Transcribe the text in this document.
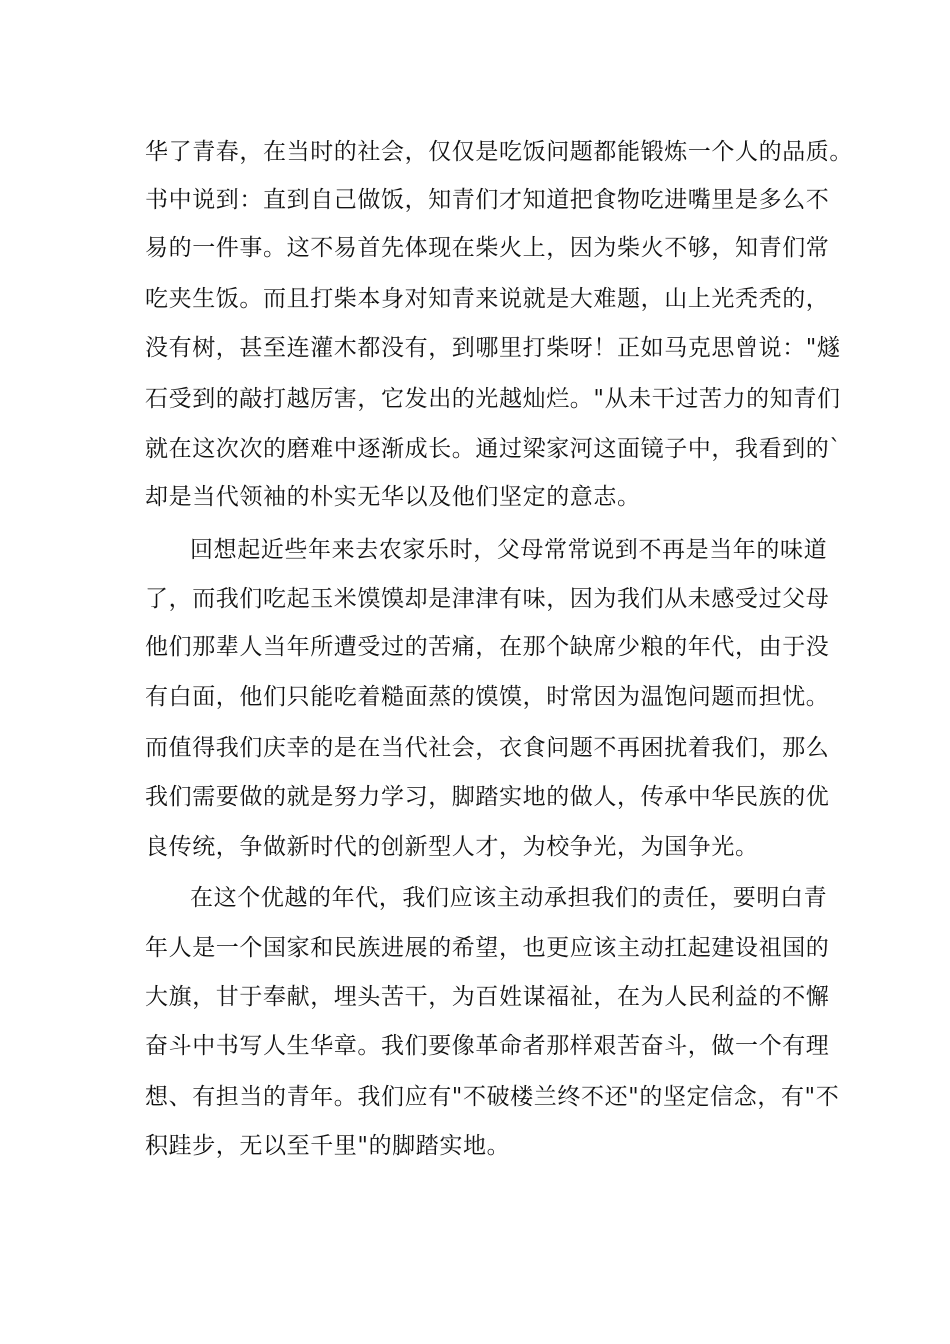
华了青春，在当时的社会，仅仅是吃饭问题都能锻炼一个人的品质。
书中说到：直到自己做饭，知青们才知道把食物吃进嘴里是多么不
易的一件事。这不易首先体现在柴火上，因为柴火不够，知青们常
吃夹生饭。而且打柴本身对知青来说就是大难题，山上光秃秃的，
没有树，甚至连灌木都没有，到哪里打柴呀！正如马克思曾说："燧
石受到的敲打越厉害，它发出的光越灿烂。"从未干过苦力的知青们
就在这次次的磨难中逐渐成长。通过梁家河这面镜子中，我看到的`
却是当代领袖的朴实无华以及他们坚定的意志。
回想起近些年来去农家乐时，父母常常说到不再是当年的味道
了，而我们吃起玉米馍馍却是津津有味，因为我们从未感受过父母
他们那辈人当年所遭受过的苦痛，在那个缺席少粮的年代，由于没
有白面，他们只能吃着糙面蒸的馍馍，时常因为温饱问题而担忧。
而值得我们庆幸的是在当代社会，衣食问题不再困扰着我们，那么
我们需要做的就是努力学习，脚踏实地的做人，传承中华民族的优
良传统，争做新时代的创新型人才，为校争光，为国争光。
在这个优越的年代，我们应该主动承担我们的责任，要明白青
年人是一个国家和民族进展的希望，也更应该主动扛起建设祖国的
大旗，甘于奉献，埋头苦干，为百姓谋福祉，在为人民利益的不懈
奋斗中书写人生华章。我们要像革命者那样艰苦奋斗，做一个有理
想、有担当的青年。我们应有"不破楼兰终不还"的坚定信念，有"不
积跬步，无以至千里"的脚踏实地。
